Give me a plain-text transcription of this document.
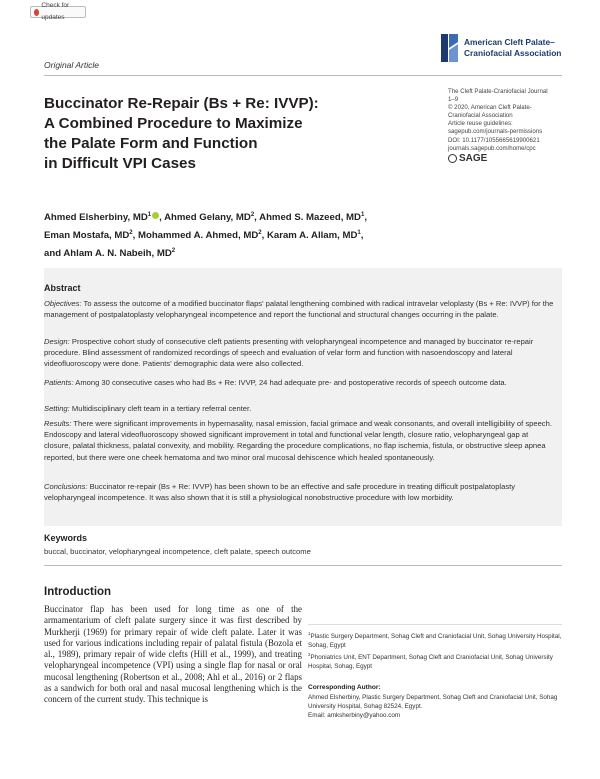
Check for updates
Original Article
American Cleft Palate–
Craniofacial Association
The Cleft Palate-Craniofacial Journal
1–9
© 2020, American Cleft Palate-
Craniofacial Association
Article reuse guidelines:
sagepub.com/journals-permissions
DOI: 10.1177/1055665619900621
journals.sagepub.com/home/cpc
SAGE
Buccinator Re-Repair (Bs + Re: IVVP):
A Combined Procedure to Maximize
the Palate Form and Function
in Difficult VPI Cases
Ahmed Elsherbiny, $MD^1$ , Ahmed Gelany, $MD^2$, Ahmed S. Mazeed, $MD^1$,
Eman Mostafa, $MD^2$, Mohammed A. Ahmed, $MD^2$, Karam A. Allam, $MD^1$,
and Ahlam A. N. Nabeih, $MD^2$
Abstract
Objectives: To assess the outcome of a modified buccinator flaps' palatal lengthening combined with radical intravelar veloplasty (Bs + Re: IVVP) for the management of postpalatoplasty velopharyngeal incompetence and report the functional and structural changes occurring in the palate.
Design: Prospective cohort study of consecutive cleft patients presenting with velopharyngeal incompetence and managed by buccinator re-repair procedure. Blind assessment of randomized recordings of speech and evaluation of velar form and function with nasoendoscopy and lateral videofluoroscopy were done. Patients' demographic data were also collected.
Patients: Among 30 consecutive cases who had Bs + Re: IVVP, 24 had adequate pre- and postoperative records of speech outcome data.
Setting: Multidisciplinary cleft team in a tertiary referral center.
Results: There were significant improvements in hypernasality, nasal emission, facial grimace and weak consonants, and overall intelligibility of speech. Endoscopy and lateral videofluoroscopy showed significant improvement in total and functional velar length, closure ratio, velopharyngeal gap at closure, palatal thickness, palatal convexity, and mobility. Regarding the procedure complications, no flap ischemia, fistula, or obstructive sleep apnea reported, but there were one cheek hematoma and two minor oral mucosal dehiscence which healed spontaneously.
Conclusions: Buccinator re-repair (Bs + Re: IVVP) has been shown to be an effective and safe procedure in treating difficult postpalatoplasty velopharyngeal incompetence. It was also shown that it is still a physiological nonobstructive procedure with low morbidity.
Keywords
buccal, buccinator, velopharyngeal incompetence, cleft palate, speech outcome
Introduction
Buccinator flap has been used for long time as one of the armamentarium of cleft palate surgery since it was first described by Murkherji (1969) for primary repair of wide cleft palate. Later it was used for various indications including repair of palatal fistula (Bozola et al., 1989), primary repair of wide clefts (Hill et al., 1999), and treating velopharyngeal incompetence (VPI) using a single flap for nasal or oral mucosal lengthening (Robertson et al., 2008; Ahl et al., 2016) or 2 flaps as a sandwich for both oral and nasal mucosal lengthening which is the concern of the current study. This technique is
$^1$Plastic Surgery Department, Sohag Cleft and Craniofacial Unit, Sohag University Hospital, Sohag, Egypt
$^2$Phoniatrics Unit, ENT Department, Sohag Cleft and Craniofacial Unit, Sohag University Hospital, Sohag, Egypt
Corresponding Author:
Ahmed Elsherbiny, Plastic Surgery Department, Sohag Cleft and Craniofacial Unit, Sohag University Hospital, Sohag 82524, Egypt.
Email: amksherbiny@yahoo.com
